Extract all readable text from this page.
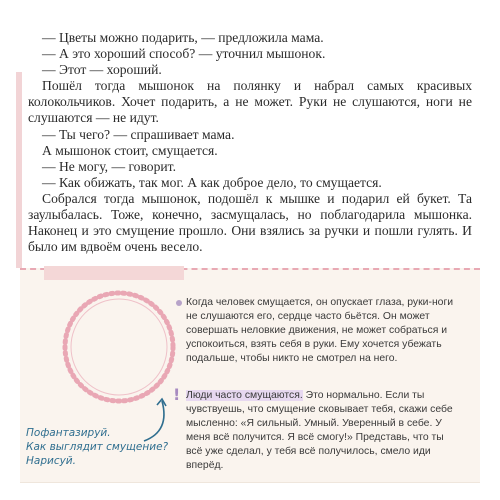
— Цветы можно подарить, — предложила мама.

— А это хороший способ? — уточнил мышонок.

— Этот — хороший.

Пошёл тогда мышонок на полянку и набрал самых красивых колокольчиков. Хочет подарить, а не может. Руки не слушаются, ноги не слушаются — не идут.

— Ты чего? — спрашивает мама.

А мышонок стоит, смущается.

— Не могу, — говорит.

— Как обижать, так мог. А как доброе дело, то смущается.

Собрался тогда мышонок, подошёл к мышке и подарил ей букет. Та заулыбалась. Тоже, конечно, засмущалась, но поблагодарила мышонка. Наконец и это смущение прошло. Они взялись за ручки и пошли гулять. И было им вдвоём очень весело.

Пофантазируй.
Как выглядит смущение?
Нарисуй.
Когда человек смущается, он опускает глаза, руки-ноги не слушаются его, сердце часто бьётся. Он может совершать неловкие движения, не может собраться и успокоиться, взять себя в руки. Ему хочется убежать подальше, чтобы никто не смотрел на него.
! Люди часто смущаются. Это нормально. Если ты чувствуешь, что смущение сковывает тебя, скажи себе мысленно: «Я сильный. Умный. Уверенный в себе. У меня всё получится. Я всё смогу!» Представь, что ты всё уже сделал, у тебя всё получилось, смело иди вперёд.
